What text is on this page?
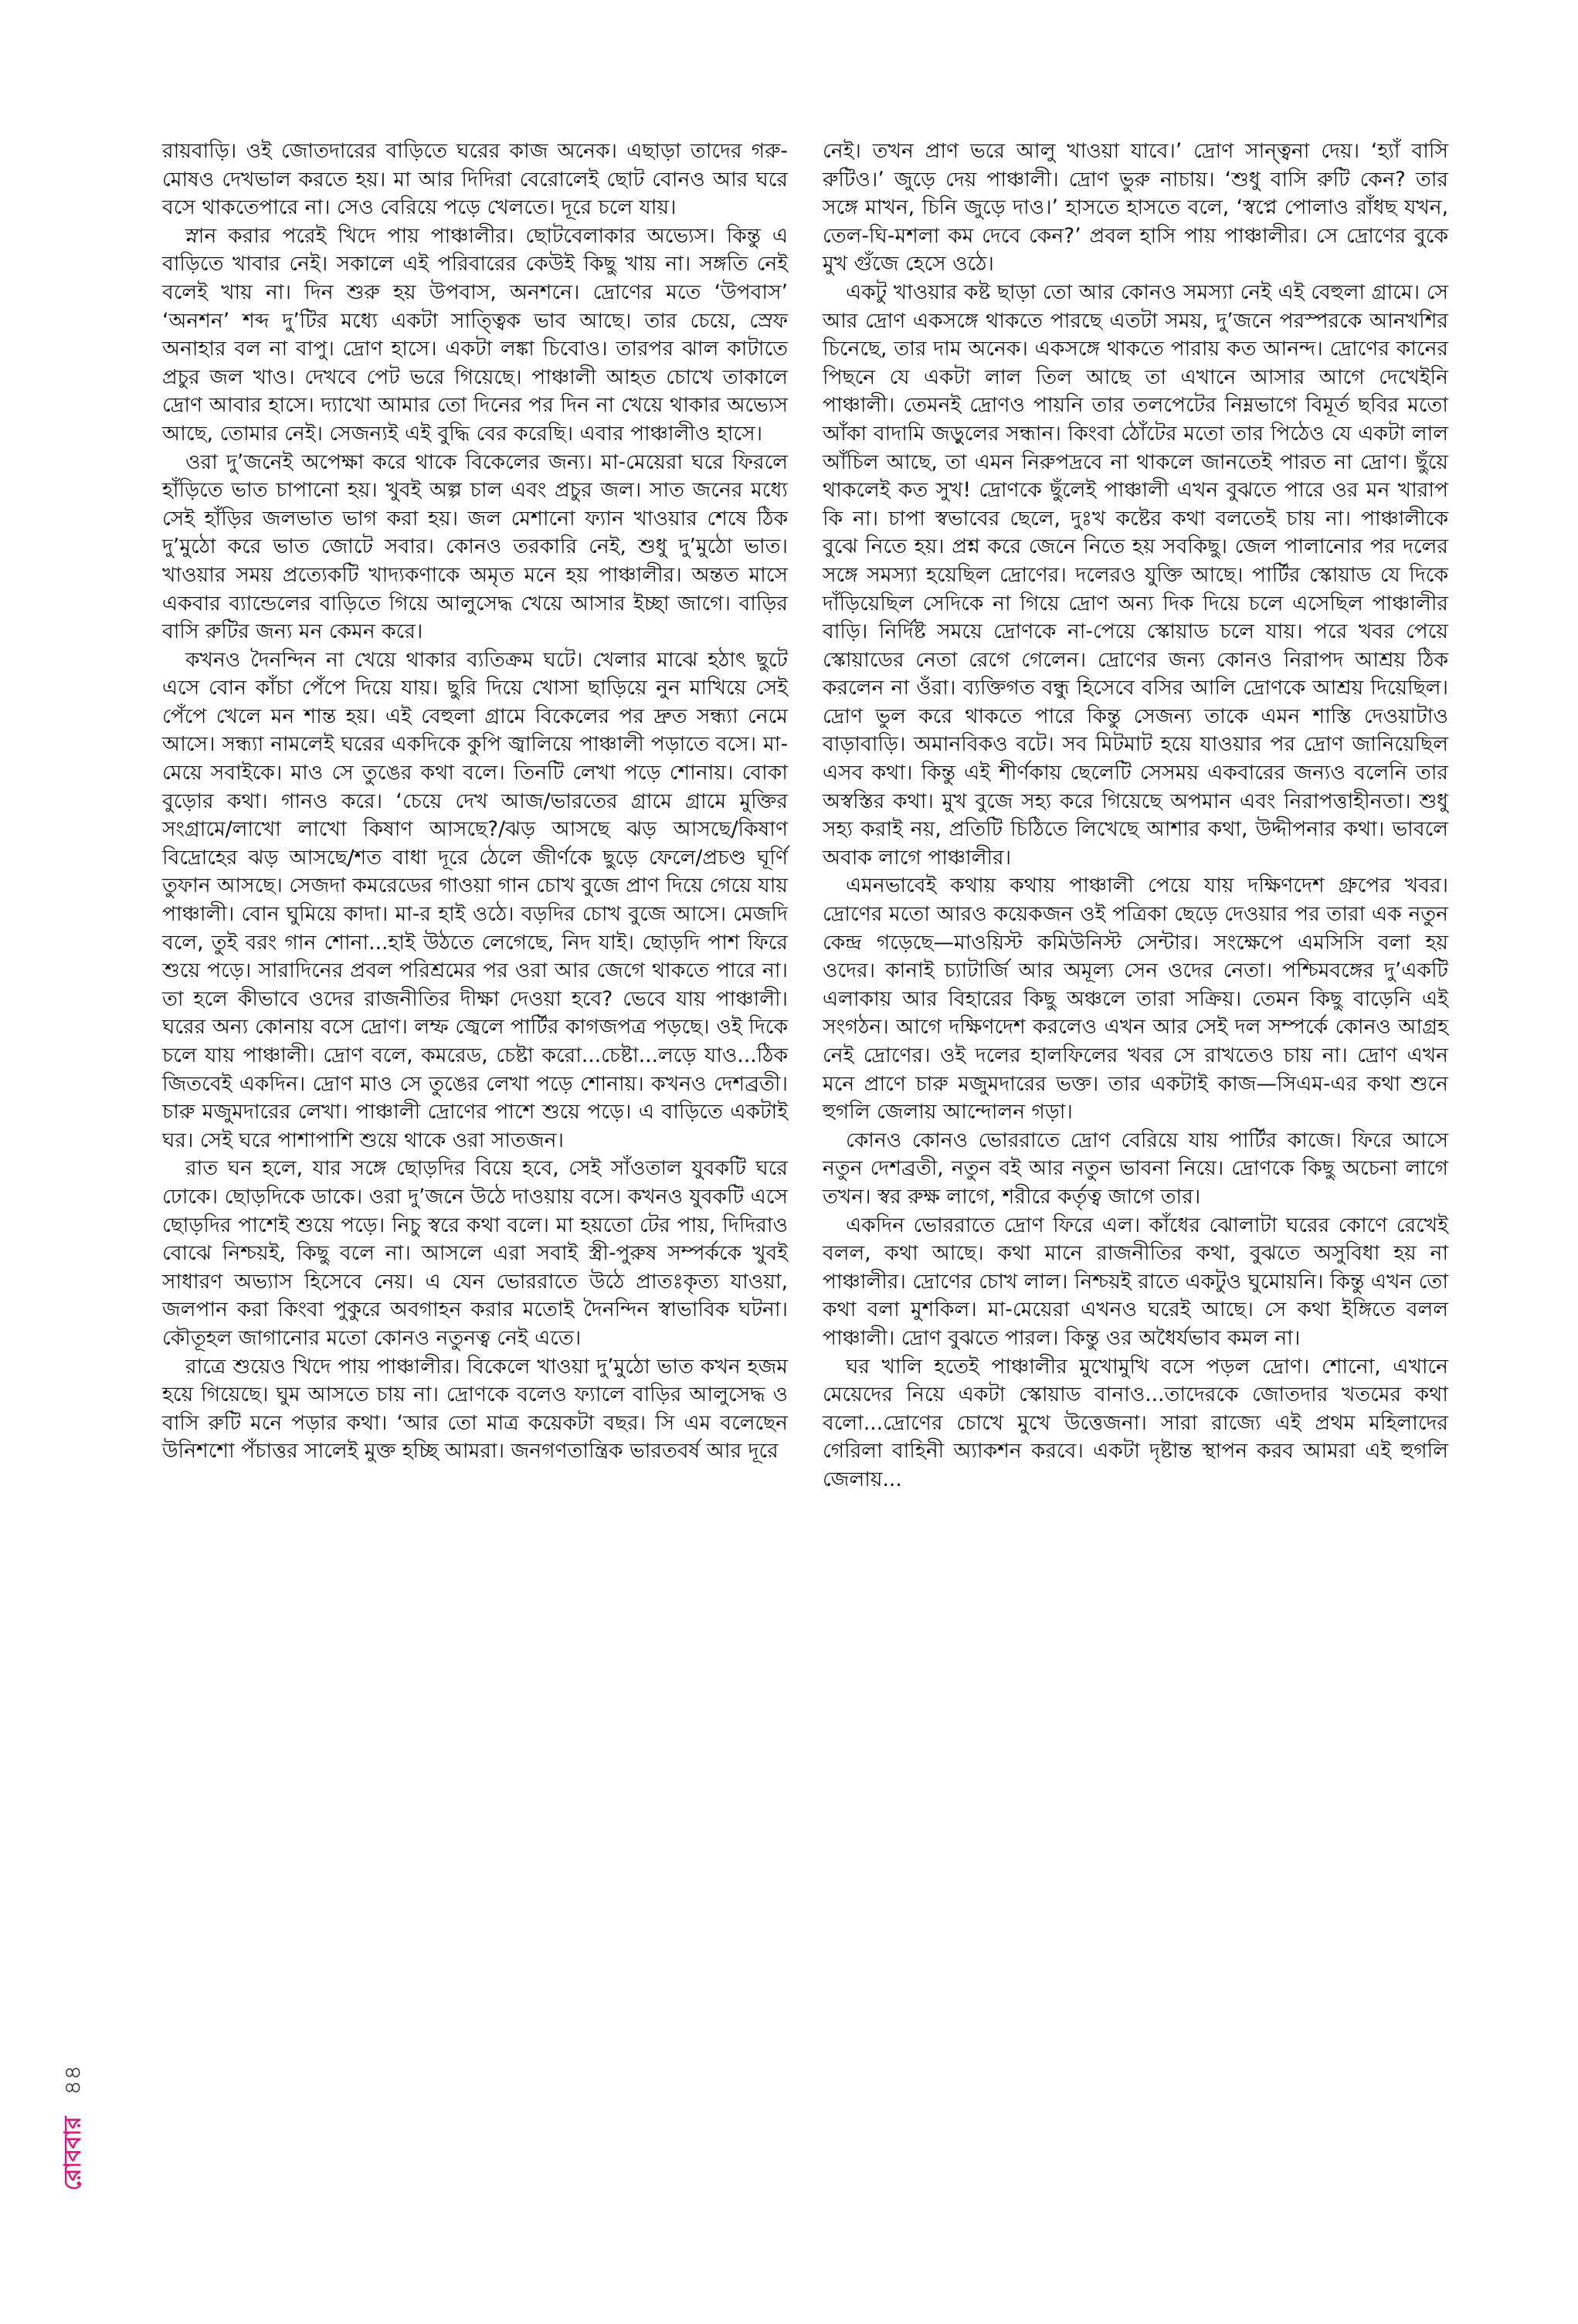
রায়বাড়ি। ওই জোতদারের বাড়িতে ঘরের কাজ অনেক। এছাড়া তাদের গরু-মোষও দেখভাল করতে হয়। মা আর দিদিরা বেরোলেই ছোট বোনও আর ঘরে বসে থাকতেপারে না। সেও বেরিয়ে পড়ে খেলতে। দূরে চলে যায়।

স্নান করার পরেই খিদে পায় পাঞ্চালীর। ছোটবেলাকার অভ্যেস। কিন্তু এ বাড়িতে খাবার নেই। সকালে এই পরিবারের কেউই কিছু খায় না। সঙ্গতি নেই বলেই খায় না। দিন শুরু হয় উপবাস, অনশনে। দ্রোণের মতে ‘উপবাস’ ‘অনশন’ শব্দ দু’টির মধ্যে একটা সাত্ত্বিক ভাব আছে। তার চেয়ে, স্রেফ অনাহার বল না বাপু। দ্রোণ হাসে। একটা লঙ্কা চিবোও। তারপর ঝাল কাটাতে প্রচুর জল খাও। দেখবে পেট ভরে গিয়েছে। পাঞ্চালী আহত চোখে তাকালে দ্রোণ আবার হাসে। দ্যাখো আমার তো দিনের পর দিন না খেয়ে থাকার অভ্যেস আছে, তোমার নেই। সেজন্যই এই বুদ্ধি বের করেছি। এবার পাঞ্চালীও হাসে।

ওরা দু’জনেই অপেক্ষা করে থাকে বিকেলের জন্য। মা-মেয়েরা ঘরে ফিরলে হাঁড়িতে ভাত চাপানো হয়। খুবই অল্প চাল এবং প্রচুর জল। সাত জনের মধ্যে সেই হাঁড়ির জলভাত ভাগ করা হয়। জল মেশানো ফ্যান খাওয়ার শেষে ঠিক দু’মুঠো করে ভাত জোটে সবার। কোনও তরকারি নেই, শুধু দু’মুঠো ভাত। খাওয়ার সময় প্রত্যেকটি খাদ্যকণাকে অমৃত মনে হয় পাঞ্চালীর। অন্তত মাসে একবার ব্যান্ডেলের বাড়িতে গিয়ে আলুসেদ্ধ খেয়ে আসার ইচ্ছা জাগে। বাড়ির বাসি রুটির জন্য মন কেমন করে।

কখনও দৈনন্দিন না খেয়ে থাকার ব্যতিক্রম ঘটে। খেলার মাঝে হঠাৎ ছুটে এসে বোন কাঁচা পেঁপে দিয়ে যায়। ছুরি দিয়ে খোসা ছাড়িয়ে নুন মাখিয়ে সেই পেঁপে খেলে মন শান্ত হয়। এই বেহুলা গ্রামে বিকেলের পর দ্রুত সন্ধ্যা নেমে আসে। সন্ধ্যা নামলেই ঘরের একদিকে কুপি জ্বালিয়ে পাঞ্চালী পড়াতে বসে। মা-মেয়ে সবাইকে। মাও সে তুঙের কথা বলে। তিনটি লেখা পড়ে শোনায়। বোকা বুড়োর কথা। গানও করে। ‘চেয়ে দেখ আজ/ভারতের গ্রামে গ্রামে মুক্তির সংগ্রামে/লাখো লাখো কিষাণ আসছে?/ঝড় আসছে ঝড় আসছে/কিষাণ বিদ্রোহের ঝড় আসছে/শত বাধা দূরে ঠেলে জীর্ণকে ছুড়ে ফেলে/প্রচণ্ড ঘূর্ণি তুফান আসছে। সেজদা কমরেডের গাওয়া গান চোখ বুজে প্রাণ দিয়ে গেয়ে যায় পাঞ্চালী। বোন ঘুমিয়ে কাদা। মা-র হাই ওঠে। বড়দির চোখ বুজে আসে। মেজদি বলে, তুই বরং গান শোনা...হাই উঠতে লেগেছে, নিদ যাই। ছোড়দি পাশ ফিরে শুয়ে পড়ে। সারাদিনের প্রবল পরিশ্রমের পর ওরা আর জেগে থাকতে পারে না। তা হলে কীভাবে ওদের রাজনীতির দীক্ষা দেওয়া হবে? ভেবে যায় পাঞ্চালী। ঘরের অন্য কোনায় বসে দ্রোণ। লম্ফ জ্বেলে পার্টির কাগজপত্র পড়ছে। ওই দিকে চলে যায় পাঞ্চালী। দ্রোণ বলে, কমরেড, চেষ্টা করো...চেষ্টা...লড়ে যাও...ঠিক জিতবেই একদিন। দ্রোণ মাও সে তুঙের লেখা পড়ে শোনায়। কখনও দেশব্রতী। চারু মজুমদারের লেখা। পাঞ্চালী দ্রোণের পাশে শুয়ে পড়ে। এ বাড়িতে একটাই ঘর। সেই ঘরে পাশাপাশি শুয়ে থাকে ওরা সাতজন।

রাত ঘন হলে, যার সঙ্গে ছোড়দির বিয়ে হবে, সেই সাঁওতাল যুবকটি ঘরে ঢোকে। ছোড়দিকে ডাকে। ওরা দু’জনে উঠে দাওয়ায় বসে। কখনও যুবকটি এসে ছোড়দির পাশেই শুয়ে পড়ে। নিচু স্বরে কথা বলে। মা হয়তো টের পায়, দিদিরাও বোঝে নিশ্চয়ই, কিছু বলে না। আসলে এরা সবাই স্ত্রী-পুরুষ সম্পর্ককে খুবই সাধারণ অভ্যাস হিসেবে নেয়। এ যেন ভোররাতে উঠে প্রাতঃকৃত্য যাওয়া, জলপান করা কিংবা পুকুরে অবগাহন করার মতোই দৈনন্দিন স্বাভাবিক ঘটনা। কৌতূহল জাগানোর মতো কোনও নতুনত্ব নেই এতে।

রাত্রে শুয়েও খিদে পায় পাঞ্চালীর। বিকেলে খাওয়া দু’মুঠো ভাত কখন হজম হয়ে গিয়েছে। ঘুম আসতে চায় না। দ্রোণকে বলেও ফ্যালে বাড়ির আলুসেদ্ধ ও বাসি রুটি মনে পড়ার কথা। ‘আর তো মাত্র কয়েকটা বছর। সি এম বলেছেন উনিশশো পঁচাত্তর সালেই মুক্ত হচ্ছি আমরা। জনগণতান্ত্রিক ভারতবর্ষ আর দূরে

নেই। তখন প্রাণ ভরে আলু খাওয়া যাবে।’ দ্রোণ সান্ত্বনা দেয়। ‘হ্যাঁ বাসি রুটিও।’ জুড়ে দেয় পাঞ্চালী। দ্রোণ ভুরু নাচায়। ‘শুধু বাসি রুটি কেন? তার সঙ্গে মাখন, চিনি জুড়ে দাও।’ হাসতে হাসতে বলে, ‘স্বপ্নে পোলাও রাঁধছ যখন, তেল-ঘি-মশলা কম দেবে কেন?’ প্রবল হাসি পায় পাঞ্চালীর। সে দ্রোণের বুকে মুখ গুঁজে হেসে ওঠে।

একটু খাওয়ার কষ্ট ছাড়া তো আর কোনও সমস্যা নেই এই বেহুলা গ্রামে। সে আর দ্রোণ একসঙ্গে থাকতে পারছে এতটা সময়, দু’জনে পরস্পরকে আনখশির চিনেছে, তার দাম অনেক। একসঙ্গে থাকতে পারায় কত আনন্দ। দ্রোণের কানের পিছনে যে একটা লাল তিল আছে তা এখানে আসার আগে দেখেইনি পাঞ্চালী। তেমনই দ্রোণও পায়নি তার তলপেটের নিম্নভাগে বিমূর্ত ছবির মতো আঁকা বাদামি জড়ুলের সন্ধান। কিংবা ঠোঁটের মতো তার পিঠেও যে একটা লাল আঁচিল আছে, তা এমন নিরুপদ্রবে না থাকলে জানতেই পারত না দ্রোণ। ছুঁয়ে থাকলেই কত সুখ! দ্রোণকে ছুঁলেই পাঞ্চালী এখন বুঝতে পারে ওর মন খারাপ কি না। চাপা স্বভাবের ছেলে, দুঃখ কষ্টের কথা বলতেই চায় না। পাঞ্চালীকে বুঝে নিতে হয়। প্রশ্ন করে জেনে নিতে হয় সবকিছু। জেল পালানোর পর দলের সঙ্গে সমস্যা হয়েছিল দ্রোণের। দলেরও যুক্তি আছে। পার্টির স্কোয়াড যে দিকে দাঁড়িয়েছিল সেদিকে না গিয়ে দ্রোণ অন্য দিক দিয়ে চলে এসেছিল পাঞ্চালীর বাড়ি। নির্দিষ্ট সময়ে দ্রোণকে না-পেয়ে স্কোয়াড চলে যায়। পরে খবর পেয়ে স্কোয়াডের নেতা রেগে গেলেন। দ্রোণের জন্য কোনও নিরাপদ আশ্রয় ঠিক করলেন না ওঁরা। ব্যক্তিগত বন্ধু হিসেবে বসির আলি দ্রোণকে আশ্রয় দিয়েছিল। দ্রোণ ভুল করে থাকতে পারে কিন্তু সেজন্য তাকে এমন শাস্তি দেওয়াটাও বাড়াবাড়ি। অমানবিকও বটে। সব মিটমাট হয়ে যাওয়ার পর দ্রোণ জানিয়েছিল এসব কথা। কিন্তু এই শীর্ণকায় ছেলেটি সেসময় একবারের জন্যও বলেনি তার অস্বস্তির কথা। মুখ বুজে সহ্য করে গিয়েছে অপমান এবং নিরাপত্তাহীনতা। শুধু সহ্য করাই নয়, প্রতিটি চিঠিতে লিখেছে আশার কথা, উদ্দীপনার কথা। ভাবলে অবাক লাগে পাঞ্চালীর।

এমনভাবেই কথায় কথায় পাঞ্চালী পেয়ে যায় দক্ষিণদেশ গ্রুপের খবর। দ্রোণের মতো আরও কয়েকজন ওই পত্রিকা ছেড়ে দেওয়ার পর তারা এক নতুন কেন্দ্র গড়েছে—মাওয়িস্ট কমিউনিস্ট সেন্টার। সংক্ষেপে এমসিসি বলা হয় ওদের। কানাই চ্যাটার্জি আর অমূল্য সেন ওদের নেতা। পশ্চিমবঙ্গের দু’একটি এলাকায় আর বিহারের কিছু অঞ্চলে তারা সক্রিয়। তেমন কিছু বাড়েনি এই সংগঠন। আগে দক্ষিণদেশ করলেও এখন আর সেই দল সম্পর্কে কোনও আগ্রহ নেই দ্রোণের। ওই দলের হালফিলের খবর সে রাখতেও চায় না। দ্রোণ এখন মনে প্রাণে চারু মজুমদারের ভক্ত। তার একটাই কাজ—সিএম-এর কথা শুনে হুগলি জেলায় আন্দোলন গড়া।

কোনও কোনও ভোররাতে দ্রোণ বেরিয়ে যায় পার্টির কাজে। ফিরে আসে নতুন দেশব্রতী, নতুন বই আর নতুন ভাবনা নিয়ে। দ্রোণকে কিছু অচেনা লাগে তখন। স্বর রুক্ষ লাগে, শরীরে কর্তৃত্ব জাগে তার।

একদিন ভোররাতে দ্রোণ ফিরে এল। কাঁধের ঝোলাটা ঘরের কোণে রেখেই বলল, কথা আছে। কথা মানে রাজনীতির কথা, বুঝতে অসুবিধা হয় না পাঞ্চালীর। দ্রোণের চোখ লাল। নিশ্চয়ই রাতে একটুও ঘুমোয়নি। কিন্তু এখন তো কথা বলা মুশকিল। মা-মেয়েরা এখনও ঘরেই আছে। সে কথা ইঙ্গিতে বলল পাঞ্চালী। দ্রোণ বুঝতে পারল। কিন্তু ওর অধৈর্যভাব কমল না।

ঘর খালি হতেই পাঞ্চালীর মুখোমুখি বসে পড়ল দ্রোণ। শোনো, এখানে মেয়েদের নিয়ে একটা স্কোয়াড বানাও...তাদেরকে জোতদার খতমের কথা বলো...দ্রোণের চোখে মুখে উত্তেজনা। সারা রাজ্যে এই প্রথম মহিলাদের গেরিলা বাহিনী অ্যাকশন করবে। একটা দৃষ্টান্ত স্থাপন করব আমরা এই হুগলি জেলায়...

রোববার ৪৪
